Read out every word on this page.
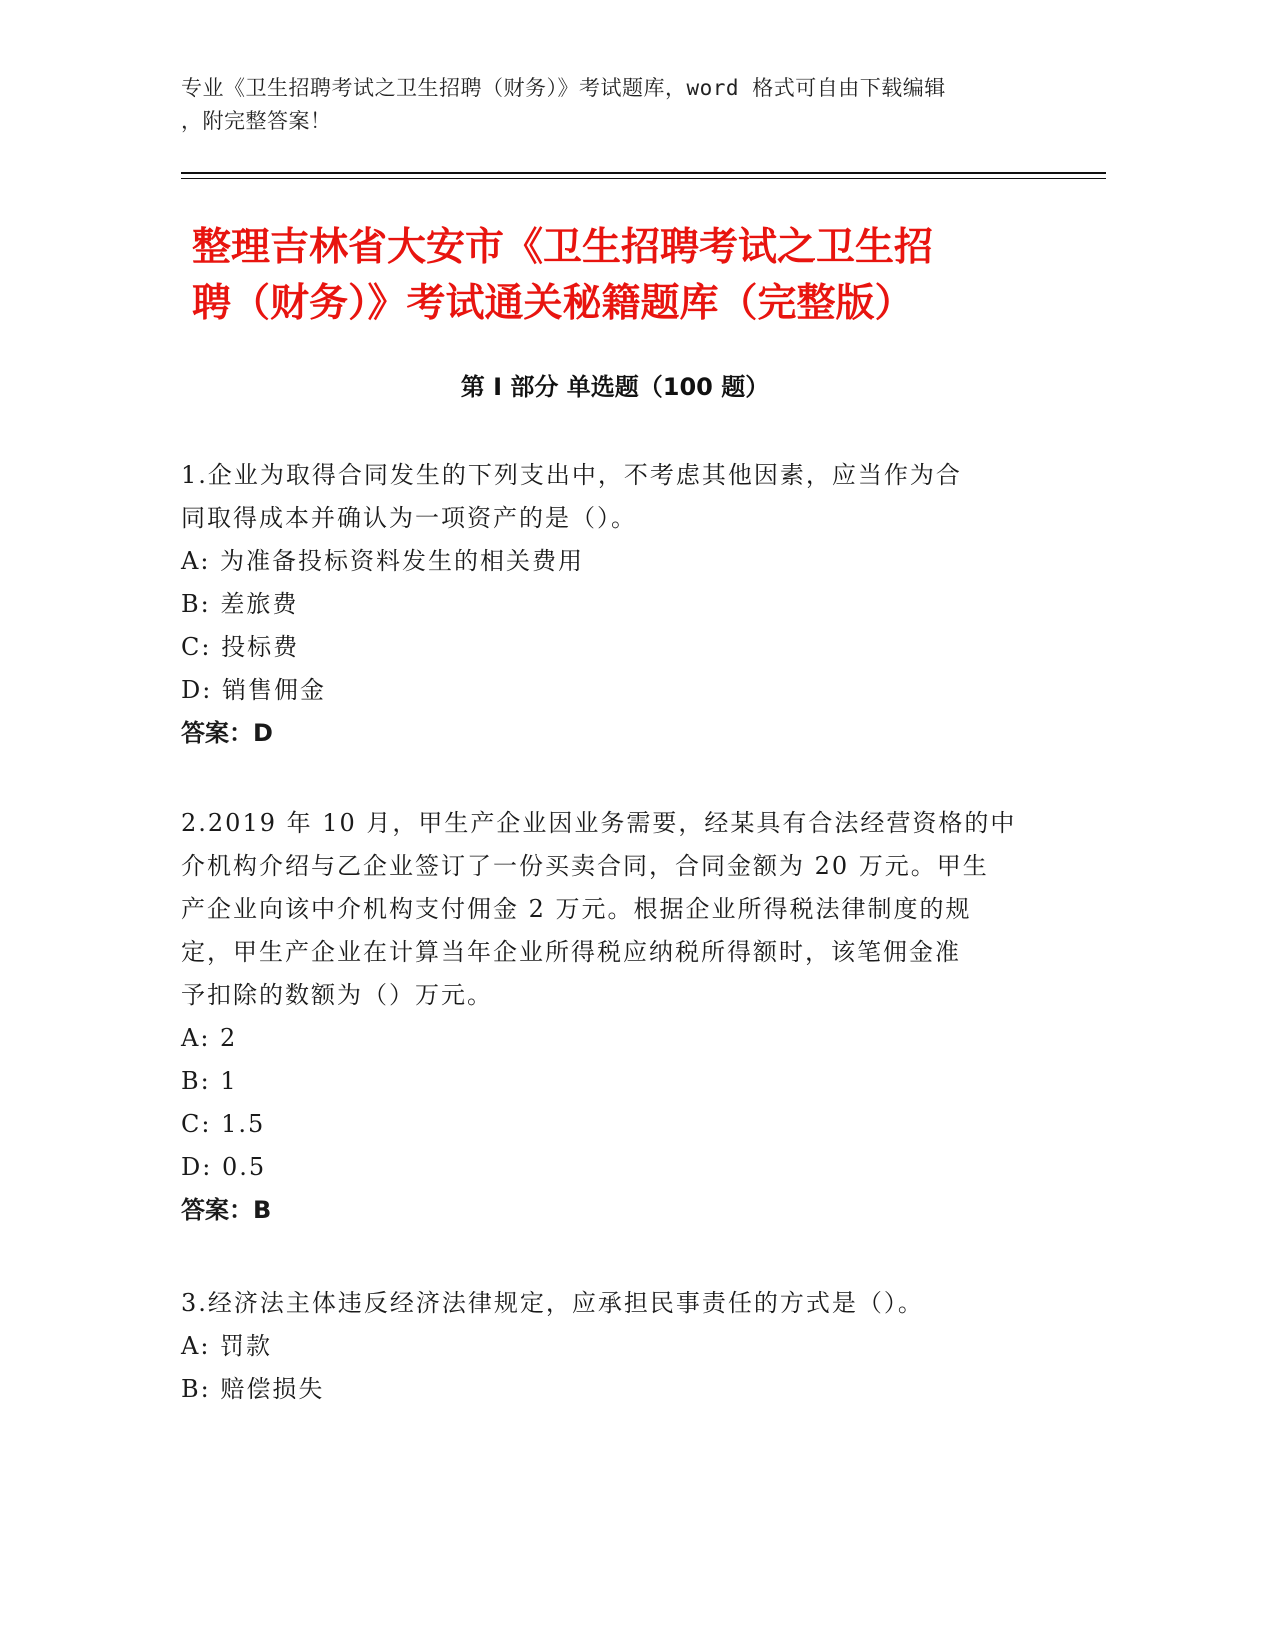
专业《卫生招聘考试之卫生招聘（财务）》考试题库，word 格式可自由下载编辑
，附完整答案！
整理吉林省大安市《卫生招聘考试之卫生招
聘（财务）》考试通关秘籍题库（完整版）
第 I 部分 单选题（100 题）

1.企业为取得合同发生的下列支出中，不考虑其他因素，应当作为合

同取得成本并确认为一项资产的是（）。

A: 为准备投标资料发生的相关费用

B: 差旅费

C: 投标费

D: 销售佣金

答案：D

2.2019 年 10 月，甲生产企业因业务需要，经某具有合法经营资格的中

介机构介绍与乙企业签订了一份买卖合同，合同金额为 20 万元。甲生

产企业向该中介机构支付佣金 2 万元。根据企业所得税法律制度的规

定，甲生产企业在计算当年企业所得税应纳税所得额时，该笔佣金准

予扣除的数额为（）万元。

A: 2

B: 1

C: 1.5

D: 0.5

答案：B

3.经济法主体违反经济法律规定，应承担民事责任的方式是（）。

A: 罚款

B: 赔偿损失
